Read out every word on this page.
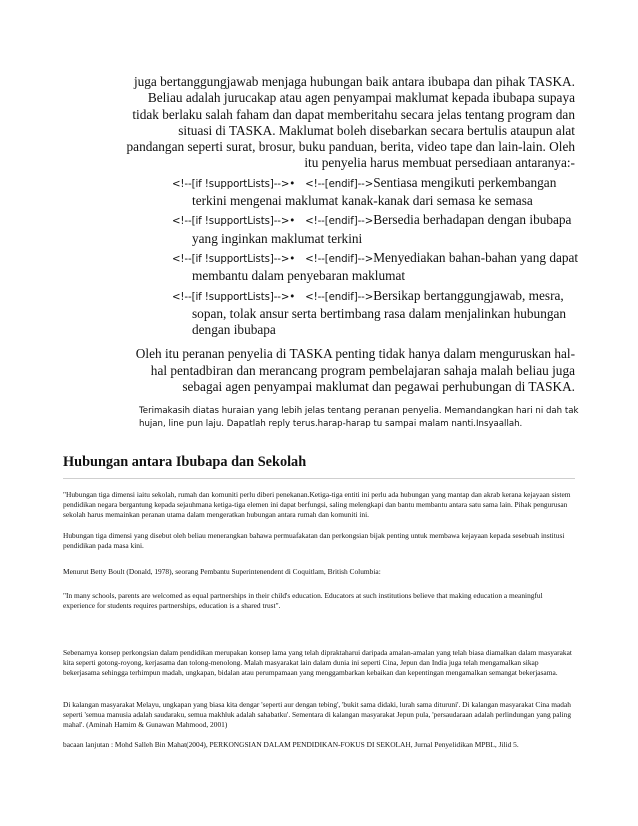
juga bertanggungjawab menjaga hubungan baik antara ibubapa dan pihak TASKA.
Beliau adalah jurucakap atau agen penyampai maklumat kepada ibubapa supaya
tidak berlaku salah faham dan dapat memberitahu secara jelas tentang program dan
situasi di TASKA. Maklumat boleh disebarkan secara bertulis ataupun alat
pandangan seperti surat, brosur, buku panduan, berita, video tape dan lain-lain. Oleh
itu penyelia harus membuat persediaan antaranya:-

<!--[if !supportLists]-->• <!--[endif]-->Sentiasa mengikuti perkembangan
terkini mengenai maklumat kanak-kanak dari semasa ke semasa
<!--[if !supportLists]-->• <!--[endif]-->Bersedia berhadapan dengan ibubapa
yang inginkan maklumat terkini
<!--[if !supportLists]-->• <!--[endif]-->Menyediakan bahan-bahan yang dapat
membantu dalam penyebaran maklumat
<!--[if !supportLists]-->• <!--[endif]-->Bersikap bertanggungjawab, mesra,
sopan, tolak ansur serta bertimbang rasa dalam menjalinkan hubungan
dengan ibubapa

Oleh itu peranan penyelia di TASKA penting tidak hanya dalam menguruskan hal-
hal pentadbiran dan merancang program pembelajaran sahaja malah beliau juga
sebagai agen penyampai maklumat dan pegawai perhubungan di TASKA.

Terimakasih diatas huraian yang lebih jelas tentang peranan penyelia. Memandangkan hari ni dah tak
hujan, line pun laju. Dapatlah reply terus.harap-harap tu sampai malam nanti.Insyaallah.
Hubungan antara Ibubapa dan Sekolah

"Hubungan tiga dimensi iaitu sekolah, rumah dan komuniti perlu diberi penekanan.Ketiga-tiga entiti ini perlu ada hubungan yang mantap dan akrab kerana kejayaan sistem pendidikan negara bergantung kepada sejauhmana ketiga-tiga elemen ini dapat berfungsi, saling melengkapi dan bantu membantu antara satu sama lain. Pihak pengurusan sekolah harus memainkan peranan utama dalam mengeratkan hubungan antara rumah dan komuniti ini.

Hubungan tiga dimensi yang disebut oleh beliau menerangkan bahawa permuafakatan dan perkongsian bijak penting untuk membawa kejayaan kepada sesebuah institusi pendidikan pada masa kini.

Menurut Betty Boult (Donald, 1978), seorang Pembantu Superintenendent di Coquitlam, British Columbia:

"In many schools, parents are welcomed as equal partnerships in their child's education. Educators at such institutions believe that making education a meaningful experience for students requires partnerships, education is a shared trust".

Sebenarnya konsep perkongsian dalam pendidikan merupakan konsep lama yang telah dipraktaharui daripada amalan-amalan yang telah biasa diamalkan dalam masyarakat kita seperti gotong-royong, kerjasama dan tolong-menolong. Malah masyarakat lain dalam dunia ini seperti Cina, Jepun dan India juga telah mengamalkan sikap bekerjasama sehingga terhimpun madah, ungkapan, bidalan atau perumpamaan yang menggambarkan kebaikan dan kepentingan mengamalkan semangat bekerjasama.

Di kalangan masyarakat Melayu, ungkapan yang biasa kita dengar 'seperti aur dengan tebing', 'bukit sama didaki, lurah sama dituruni'. Di kalangan masyarakat Cina madah seperti 'semua manusia adalah saudaraku, semua makhluk adalah sahabatku'. Sementara di kalangan masyarakat Jepun pula, 'persaudaraan adalah perlindungan yang paling mahal'. (Aminah Hamim & Gunawan Mahmood, 2001)

bacaan lanjutan : Mohd Salleh Bin Mahat(2004), PERKONGSIAN DALAM PENDIDIKAN-FOKUS DI SEKOLAH, Jurnal Penyelidikan MPBL, Jilid 5.
